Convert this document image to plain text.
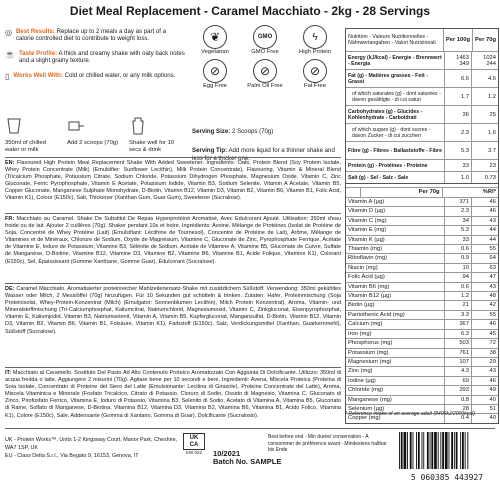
Diet Meal Replacement - Caramel Macchiato - 2kg - 28 Servings
◎ Best Results: Replace up to 2 meals a day as part of a calorie controlled diet to contribute to weight loss.
☕ Taste Profile: A thick and creamy shake with oaty back notes and a slight grainy texture.
▯ Works Well With: Cold or chilled water, or any milk options.
❦
Vegetarian
GMO
GMO Free
ϟ
High Protein
⊘
Egg Free
⊘
Palm Oil Free
⊘
Fat Free
350ml of chilled water or milk
Add 2 scoops (70g)	Shake well for 10 secs & drink
Serving Size: 2 Scoops (70g)
Serving Tip: Add more liquid for a thinner shake and less for a thicker one.
EN: Flavoured High Protein Meal Replacement Shake With Added Sweetener. Ingredients: Oats, Protein Blend (Soy Protein Isolate, Whey Protein Concentrate (Milk) (Emulsifier: Sunflower Lecithin), Milk Protein Concentrate), Flavouring, Vitamin & Mineral Blend (Tricalcium Phosphate, Potassium Citrate, Sodium Chloride, Potassium Dihydrogen Phosphate, Magnesium Oxide, Vitamin C, Zinc Gluconate, Ferric Pyrophosphate, Vitamin E Acetate, Potassium Iodide, Vitamin B3, Sodium Selenite, Vitamin A Acetate, Vitamin B5, Copper Gluconate, Manganese Sulphate Monohydrate, D-Biotin, Vitamin B12, Vitamin D3, Vitamin B2, Vitamin B6, Vitamin B1, Folic Acid, Vitamin K1), Colour (E150c), Salt, Thickener (Xanthan Gum, Guar Gum), Sweetener (Sucralose).
FR: Macchiato au Caramel. Shake De Substitut De Repas Hyperprotéiné Aromatisé, Avec Édulcorant Ajouté. Utilisation: 350ml d'eau froide ou de lait. Ajouter 2 cuillères (70g). Shaker pendant 10s et boire. Ingrédients: Avoine, Mélange de Protéines (Isolat de Protéine de Soja, Concentré de Whey Protéine (Lait) (Émulsifiant: Lécithine de Tournesol), Concentré de Protéine de Lait), Arôme, Mélange de Vitamines et de Minéraux, Chlorure de Sodium, Oxyde de Magnésium, Vitamine C, Gluconate de Zinc, Pyrophosphate Ferrique, Acétate de Vitamine E, Iodure de Potassium, Vitamine B3, Sélénite de Sodium, Acétate de Vitamine A, Vitamine B5, Gluconate de Cuivre, Sulfate de Manganèse, D-Biotine, Vitamine B12, Vitamine D3, Vitamine B2, Vitamine B6, Vitamine B1, Acide Folique, Vitamine K1), Colorant (E150c), Sel, Épaississant (Gomme Xanthane, Gomme Guar), Édulcorant (Sucralose).
DE: Caramel Macchiato. Aromatisierter proteinreicher Mahlzeitenersatz-Shake mit zusätzlichem Süßstoff. Verwendung: 350ml gekühltes Wasser oder Milch, 2 Messlöffel (70g) hinzufügen. Für 10 Sekunden gut schütteln & trinken. Zutaten: Hafer, Proteinmischung (Soja Proteinisolat, Whey-Protein-Konzentrat (Milch) (Emulgator: Sonnenblumen Lecithin), Milch Protein Konzentrat), Aroma, Vitamin- und Mineralstoffmischung (Tri-Calciumphosphat, Kaliumcitrat, Natriumchlorid, Magnesiumoxid, Vitamin C, Zinkgluconat, Eisenpyrophosphat, Vitamin E, Kaliumjodid, Vitamin B3, Natriumselenit, Vitamin A, Vitamin B5, Kupfergluconat, Mangansulfat, D-Biotin, Vitamin B12, Vitamin D3, Vitamin B2, Vitamin B6, Vitamin B1, Folsäure, Vitamin K1), Farbstoff (E150c), Salz, Verdickungsmittel (Xanthan, Guarkernmehl), Süßstoff (Sucralose).
IT: Macchiato al Caramello. Sostituto Del Pasto Ad Alto Contenuto Proteico Aromatizzato Con Aggiunta Di Dolcificante. Utilizzo: 350ml di acqua fredda o latte. Aggiungere 2 misurini (70g). Agitare bene per 10 secondi e bere. Ingredienti: Avena, Miscela Proteica (Proteina di Soia Isolate, Concentrato di Proteine del Siero del Latte (Emulsionante: Lecitina di Girasole), Proteine Concentrate del Latte), Aroma, Miscela Vitaminica e Minerale (Fosfato Tricalcico, Citrato di Potassio, Cloruro di Sodio, Ossido di Magnesio, Vitamina C, Gluconato di Zinco, Pirofosfato Ferrico, Vitamina E, Ioduro di Potassio, Vitamina B3, Selenito di Sodio, Acetato di Vitamina A, Vitamina B5, Gluconato di Rame, Solfato di Manganese, D-Biotina, Vitamina B12, Vitamina D3, Vitamina B2, Vitamina B6, Vitamina B1, Acido Folico, Vitamina K1), Colore (E150c), Sale, Addensante (Gomma di Xantano, Gomma di Guar), Dolcificante (Sucralosio).
Nutrition - Valeurs Nutritionnelles - Nährwertangaben - Valori Nutrizionali	Per 100g	Per 70g
Energy (kJ/kcal) - Energie - Brennwert - Energia	1463 349	1024 244
Fat (g) - Matières grasses - Fett - Grassi	6.6	4.6
of which saturates (g) - dont saturées - davon gesättigte - di cui saturi	1.7	1.2
Carbohydrates (g) - Glucides - Kohlenhydrate - Carboidrati	36	25
of which sugars (g) - dont sucres - davon Zucker - di cui zuccheri	2.3	1.6
Fibre (g) - Fibres - Ballaststoffe - Fibre	5.3	3.7
Protein (g) - Protéines - Proteine	33	23
Salt (g) - Sel - Salz - Sale	1.0	0.73
	Per 70g	%RI*
Vitamin A (µg)	371	46
Vitamin D (µg)	2.3	46
Vitamin C (mg)	34	43
Vitamin E (mg)	5.3	44
Vitamin K (µg)	33	44
Thiamin (mg)	0.6	55
Riboflavin (mg)	0.9	64
Niacin (mg)	10	63
Folic Acid (µg)	94	47
Vitamin B6 (mg)	0.6	43
Vitamin B12 (µg)	1.2	48
Biotin (µg)	21	42
Pantothenic Acid (mg)	3.3	55
Calcium (mg)	367	46
Iron (mg)	6.3	45
Phosphorus (mg)	503	72
Potassium (mg)	761	38
Magnesium (mg)	107	29
Zinc (mg)	4.3	43
Iodine (µg)	69	46
Chloride (mg)	393	49
Manganese (mg)	0.8	40
Selenium (µg)	28	51
Copper (mg)	0.4	40
* Reference intake of an average adult (8400kJ/2000kcal)
UK - Protein Works™, Units 1-2 Kingsway Court, Manor Park, Cheshire, WA7 1SP, UK
EU - Class Delta S.r.l., Via Begato 9, 16153, Genova, IT
UK
CA
KW 022	10/2021
Batch No. SAMPLE
Best before end - Min durée/ conservation - A consommer de préférence avant - Mindestens haltbar bis Ende
5 060385 443927
